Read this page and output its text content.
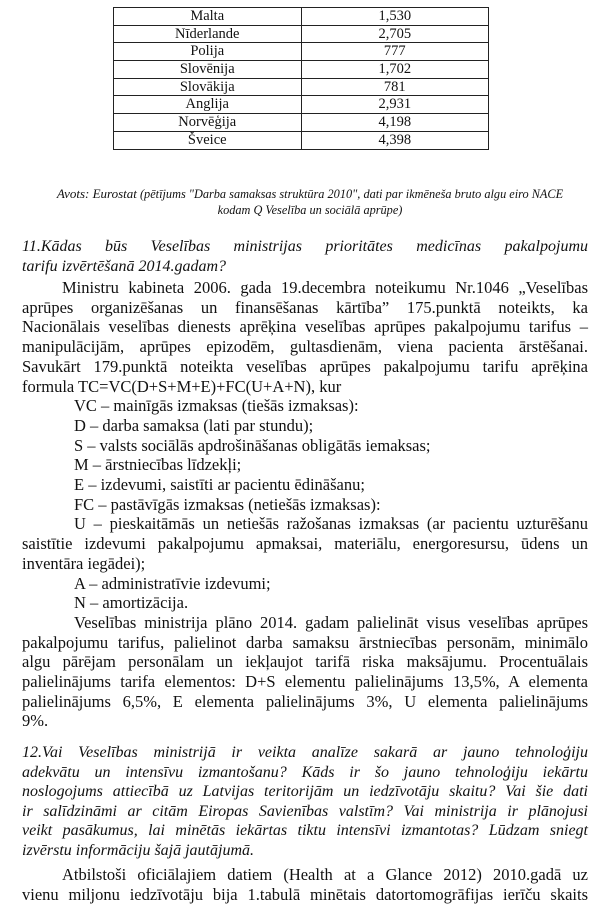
Malta	1,530
Nīderlande	2,705
Polija	777
Slovēnija	1,702
Slovākija	781
Anglija	2,931
Norvēģija	4,198
Šveice	4,398
Avots: Eurostat (pētījums "Darba samaksas struktūra 2010", dati par ikmēneša bruto algu eiro NACE
kodam Q Veselība un sociālā aprūpe)
11.Kādas būs Veselības ministrijas prioritātes medicīnas pakalpojumu
tarifu izvērtēšanā 2014.gadam?
Ministru kabineta 2006. gada 19.decembra noteikumu Nr.1046 „Veselības
aprūpes organizēšanas un finansēšanas kārtība” 175.punktā noteikts, ka
Nacionālais veselības dienests aprēķina veselības aprūpes pakalpojumu tarifus –
manipulācijām, aprūpes epizodēm, gultasdienām, viena pacienta ārstēšanai.
Savukārt 179.punktā noteikta veselības aprūpes pakalpojumu tarifu aprēķina
formula TC=VC(D+S+M+E)+FC(U+A+N), kur
VC – mainīgās izmaksas (tiešās izmaksas):
D – darba samaksa (lati par stundu);
S – valsts sociālās apdrošināšanas obligātās iemaksas;
M – ārstniecības līdzekļi;
E – izdevumi, saistīti ar pacientu ēdināšanu;
FC – pastāvīgās izmaksas (netiešās izmaksas):
U – pieskaitāmās un netiešās ražošanas izmaksas (ar pacientu uzturēšanu
saistītie izdevumi pakalpojumu apmaksai, materiālu, energoresursu, ūdens un
inventāra iegādei);
A – administratīvie izdevumi;
N – amortizācija.
Veselības ministrija plāno 2014. gadam palielināt visus veselības aprūpes
pakalpojumu tarifus, palielinot darba samaksu ārstniecības personām, minimālo
algu pārējam personālam un iekļaujot tarifā riska maksājumu. Procentuālais
palielinājums tarifa elementos: D+S elementu palielinājums 13,5%, A elementa
palielinājums 6,5%, E elementa palielinājums 3%, U elementa palielinājums
9%.
12.Vai Veselības ministrijā ir veikta analīze sakarā ar jauno tehnoloģiju
adekvātu un intensīvu izmantošanu? Kāds ir šo jauno tehnoloģiju iekārtu
noslogojums attiecībā uz Latvijas teritorijām un iedzīvotāju skaitu? Vai šie dati
ir salīdzināmi ar citām Eiropas Savienības valstīm? Vai ministrija ir plānojusi
veikt pasākumus, lai minētās iekārtas tiktu intensīvi izmantotas? Lūdzam sniegt
izvērstu informāciju šajā jautājumā.
Atbilstoši oficiālajiem datiem (Health at a Glance 2012) 2010.gadā uz
vienu miljonu iedzīvotāju bija 1.tabulā minētais datortomogrāfijas ierīču skaits
